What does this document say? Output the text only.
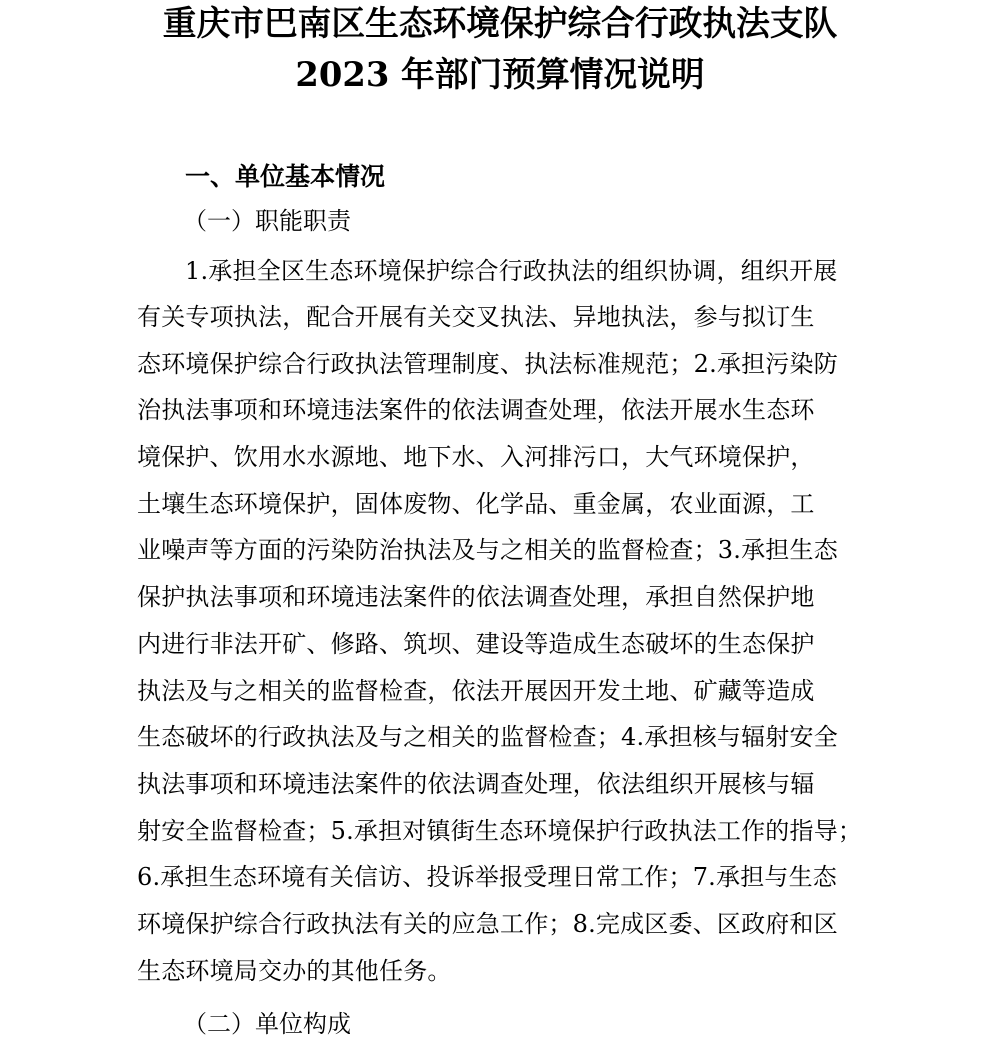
重庆市巴南区生态环境保护综合行政执法支队
2023 年部门预算情况说明
一、单位基本情况
（一）职能职责
1.承担全区生态环境保护综合行政执法的组织协调，组织开展
有关专项执法，配合开展有关交叉执法、异地执法，参与拟订生
态环境保护综合行政执法管理制度、执法标准规范；2.承担污染防
治执法事项和环境违法案件的依法调查处理，依法开展水生态环
境保护、饮用水水源地、地下水、入河排污口，大气环境保护，
土壤生态环境保护，固体废物、化学品、重金属，农业面源，工
业噪声等方面的污染防治执法及与之相关的监督检查；3.承担生态
保护执法事项和环境违法案件的依法调查处理，承担自然保护地
内进行非法开矿、修路、筑坝、建设等造成生态破坏的生态保护
执法及与之相关的监督检查，依法开展因开发土地、矿藏等造成
生态破坏的行政执法及与之相关的监督检查；4.承担核与辐射安全
执法事项和环境违法案件的依法调查处理，依法组织开展核与辐
射安全监督检查；5.承担对镇街生态环境保护行政执法工作的指导；
6.承担生态环境有关信访、投诉举报受理日常工作；7.承担与生态
环境保护综合行政执法有关的应急工作；8.完成区委、区政府和区
生态环境局交办的其他任务。
（二）单位构成
